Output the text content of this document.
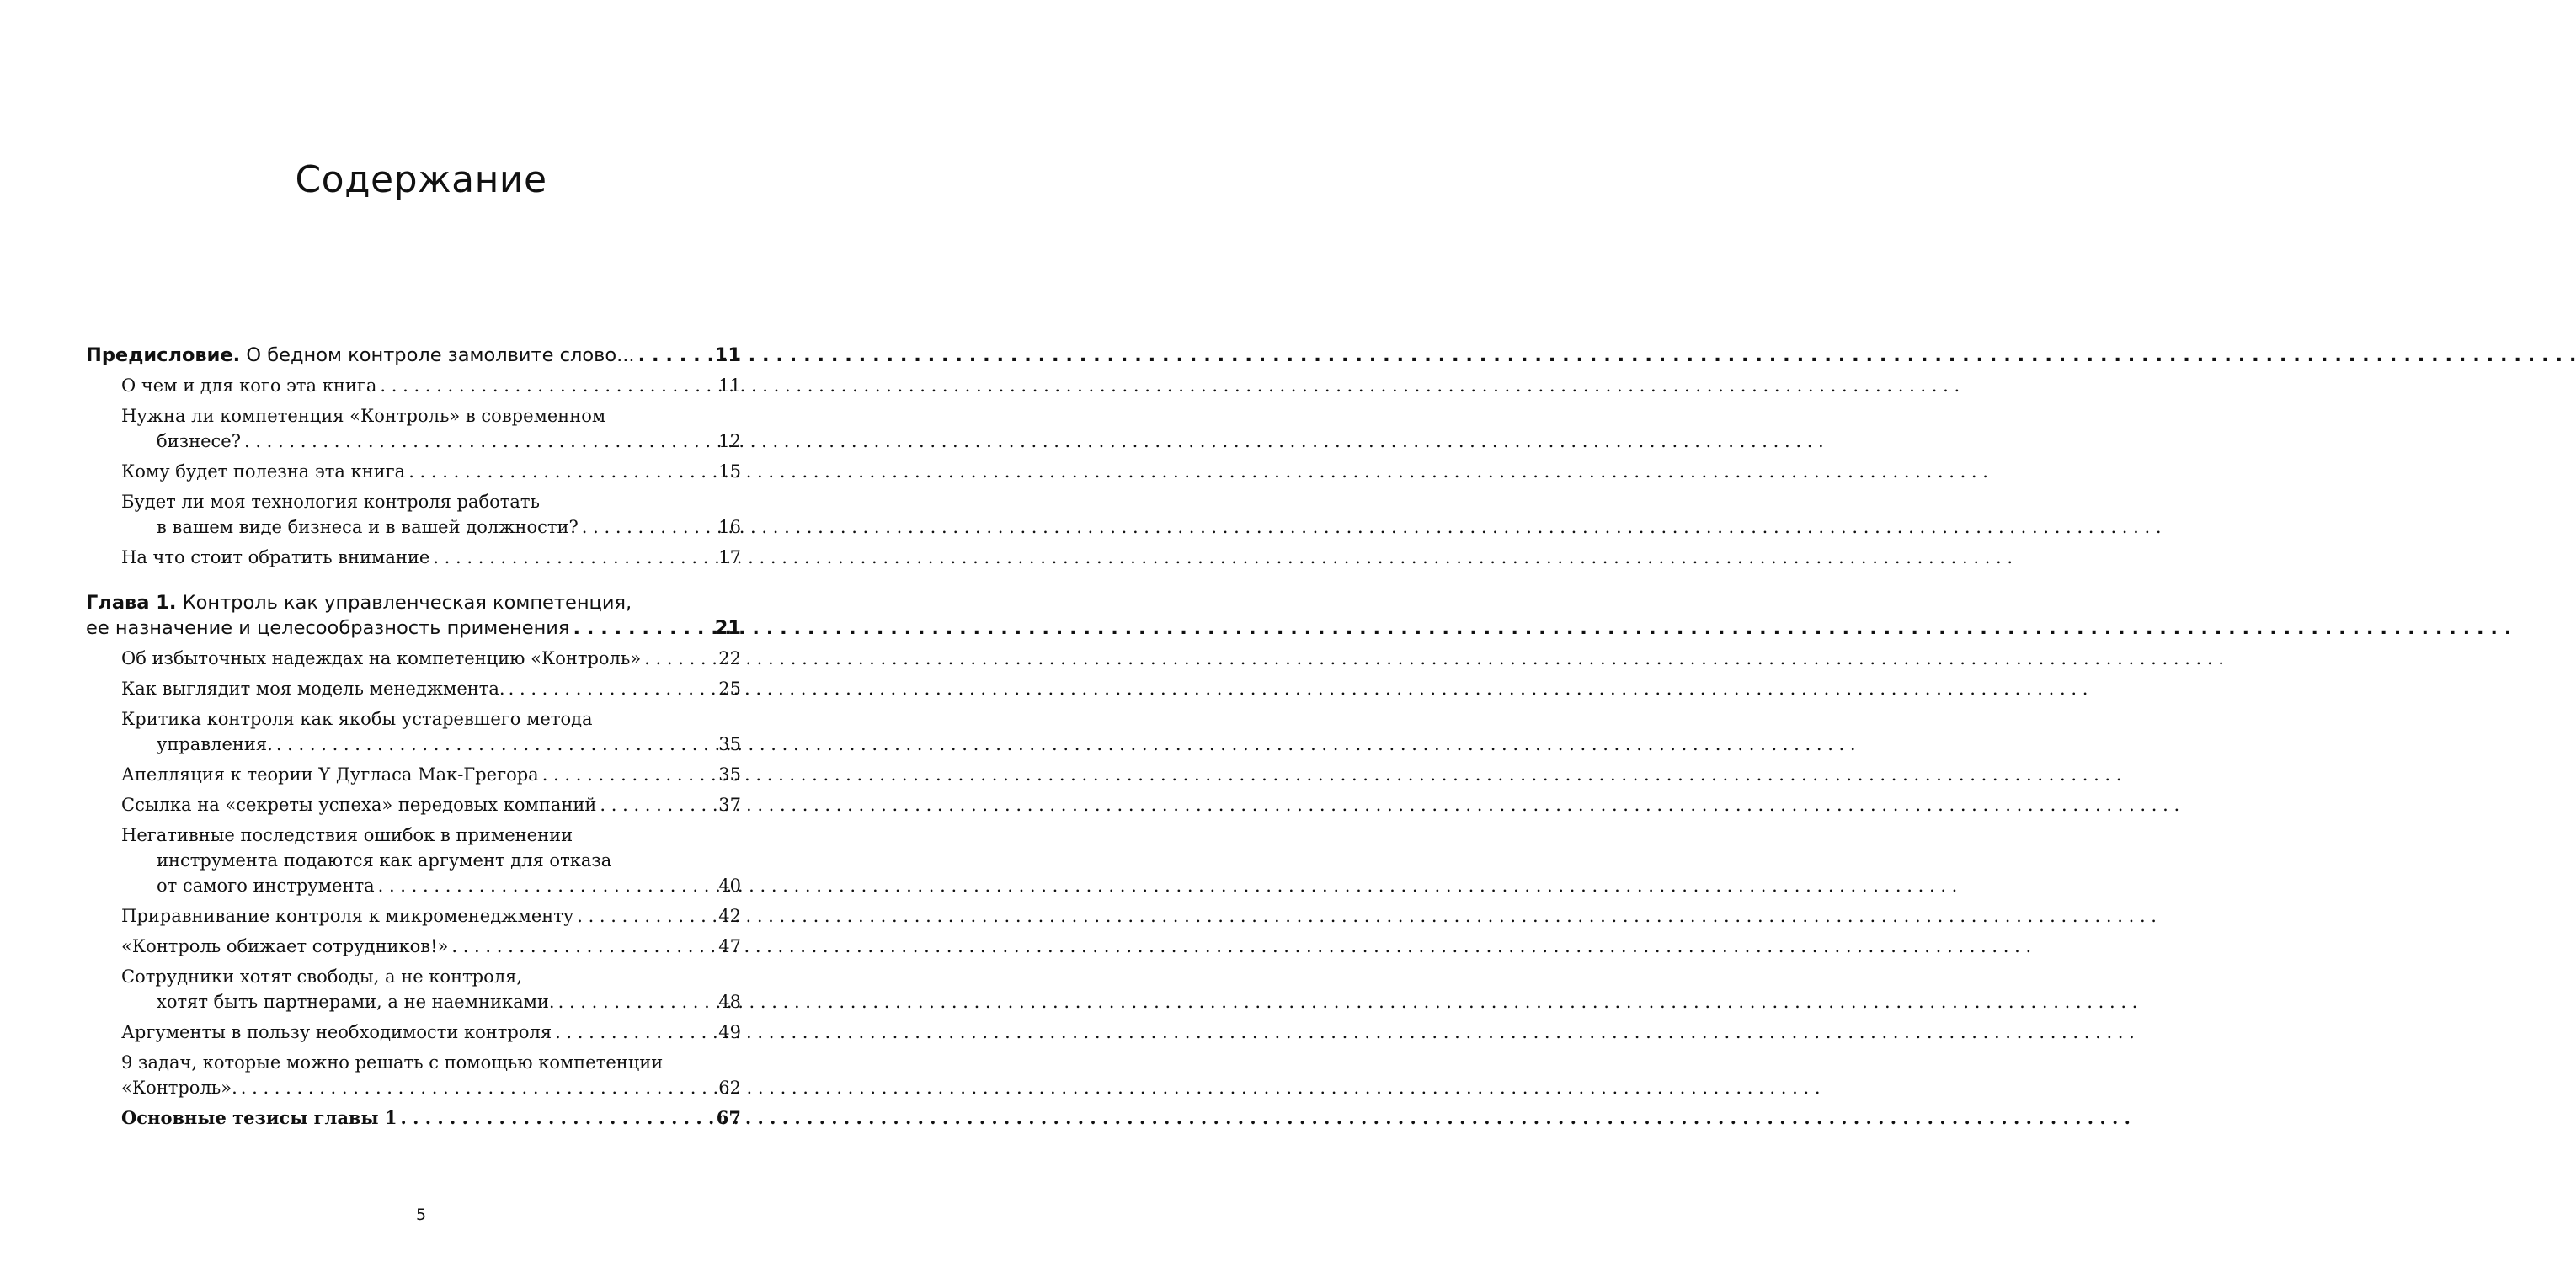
Содержание
Предисловие. О бедном контроле замолвите слово... . . .	11
О чем и для кого эта книга . . .	11
Нужна ли компетенция «Контроль» в современном
бизнесе? . . .	12
Кому будет полезна эта книга . . .	15
Будет ли моя технология контроля работать
в вашем виде бизнеса и в вашей должности? . . .	16
На что стоит обратить внимание . . .	17
Глава 1. Контроль как управленческая компетенция,
ее назначение и целесообразность применения . . .	21
Об избыточных надеждах на компетенцию «Контроль» . . .	22
Как выглядит моя модель менеджмента. . . .	25
Критика контроля как якобы устаревшего метода
управления. . . .	35
Апелляция к теории Y Дугласа Мак-Грегора . . .	35
Ссылка на «секреты успеха» передовых компаний . . .	37
Негативные последствия ошибок в применении
инструмента подаются как аргумент для отказа
от самого инструмента . . .	40
Приравнивание контроля к микроменеджменту . . .	42
«Контроль обижает сотрудников!» . . .	47
Сотрудники хотят свободы, а не контроля,
хотят быть партнерами, а не наемниками. . . .	48
Аргументы в пользу необходимости контроля . . .	49
9 задач, которые можно решать с помощью компетенции
«Контроль». . . .	62
Основные тезисы главы 1 . . .	67
5
